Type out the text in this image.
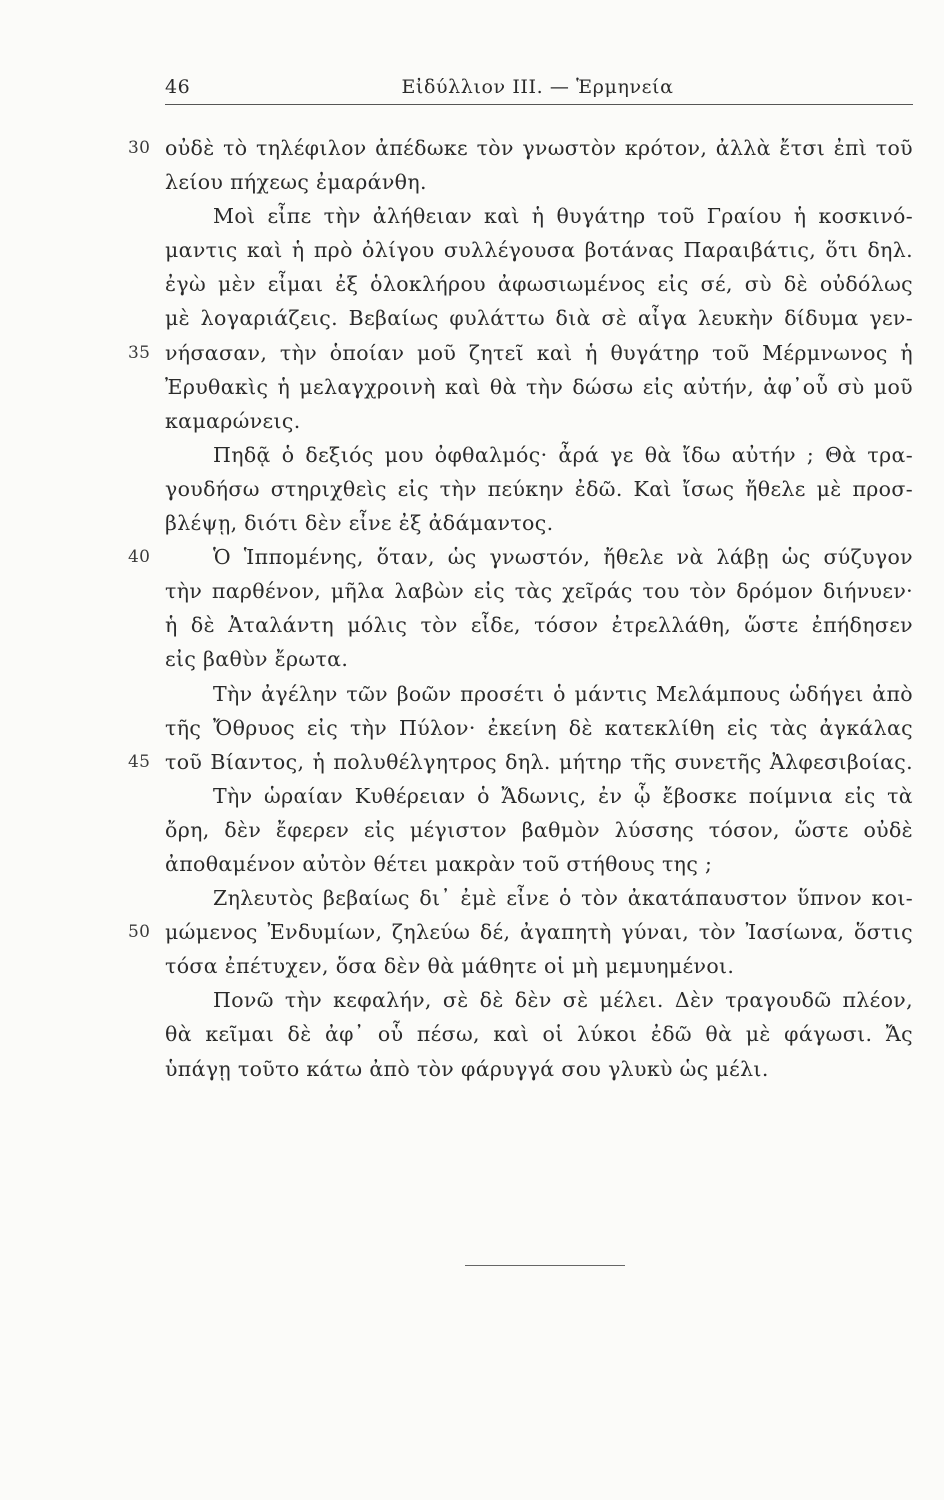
46	Εἰδύλλιον ΙΙΙ. — Ἑρμηνεία
30 οὐδὲ τὸ τηλέφιλον ἀπέδωκε τὸν γνωστὸν κρότον, ἀλλὰ ἔτσι ἐπὶ τοῦ
λείου πήχεως ἐμαράνθη.
Μοὶ εἶπε τὴν ἀλήθειαν καὶ ἡ θυγάτηρ τοῦ Γραίου ἡ κοσκινό-
μαντις καὶ ἡ πρὸ ὀλίγου συλλέγουσα βοτάνας Παραιβάτις, ὅτι δηλ.
ἐγὼ μὲν εἶμαι ἐξ ὁλοκλήρου ἀφωσιωμένος εἰς σέ, σὺ δὲ οὐδόλως
μὲ λογαριάζεις. Βεβαίως φυλάττω διὰ σὲ αἶγα λευκὴν δίδυμα γεν-
35 νήσασαν, τὴν ὁποίαν μοῦ ζητεῖ καὶ ἡ θυγάτηρ τοῦ Μέρμνωνος ἡ
Ἐρυθακὶς ἡ μελαγχροινὴ καὶ θὰ τὴν δώσω εἰς αὐτήν, ἀφ᾽οὗ σὺ μοῦ
καμαρώνεις.
Πηδᾷ ὁ δεξιός μου ὀφθαλμός· ἆρά γε θὰ ἴδω αὐτήν ; Θὰ τρα-
γουδήσω στηριχθεὶς εἰς τὴν πεύκην ἐδῶ. Καὶ ἴσως ἤθελε μὲ προσ-
βλέψῃ, διότι δὲν εἶνε ἐξ ἀδάμαντος.
40	Ὁ Ἱππομένης, ὅταν, ὡς γνωστόν, ἤθελε νὰ λάβῃ ὡς σύζυγον
τὴν παρθένον, μῆλα λαβὼν εἰς τὰς χεῖράς του τὸν δρόμον διήνυεν·
ἡ δὲ Ἀταλάντη μόλις τὸν εἶδε, τόσον ἐτρελλάθη, ὥστε ἐπήδησεν
εἰς βαθὺν ἔρωτα.
Τὴν ἀγέλην τῶν βοῶν προσέτι ὁ μάντις Μελάμπους ὡδήγει ἀπὸ
τῆς Ὄθρυος εἰς τὴν Πύλον· ἐκείνη δὲ κατεκλίθη εἰς τὰς ἀγκάλας
45 τοῦ Βίαντος, ἡ πολυθέλγητρος δηλ. μήτηρ τῆς συνετῆς Ἀλφεσιβοίας.
Τὴν ὡραίαν Κυθέρειαν ὁ Ἄδωνις, ἐν ᾧ ἔβοσκε ποίμνια εἰς τὰ
ὄρη, δὲν ἔφερεν εἰς μέγιστον βαθμὸν λύσσης τόσον, ὥστε οὐδὲ
ἀποθαμένον αὐτὸν θέτει μακρὰν τοῦ στήθους της ;
Ζηλευτὸς βεβαίως δι᾽ ἐμὲ εἶνε ὁ τὸν ἀκατάπαυστον ὕπνον κοι-
50 μώμενος Ἐνδυμίων, ζηλεύω δέ, ἀγαπητὴ γύναι, τὸν Ἰασίωνα, ὅστις
τόσα ἐπέτυχεν, ὅσα δὲν θὰ μάθητε οἱ μὴ μεμυημένοι.
Πονῶ τὴν κεφαλήν, σὲ δὲ δὲν σὲ μέλει. Δὲν τραγουδῶ πλέον,
θὰ κεῖμαι δὲ ἀφ᾽ οὗ πέσω, καὶ οἱ λύκοι ἐδῶ θὰ μὲ φάγωσι. Ἄς
ὑπάγῃ τοῦτο κάτω ἀπὸ τὸν φάρυγγά σου γλυκὺ ὡς μέλι.
